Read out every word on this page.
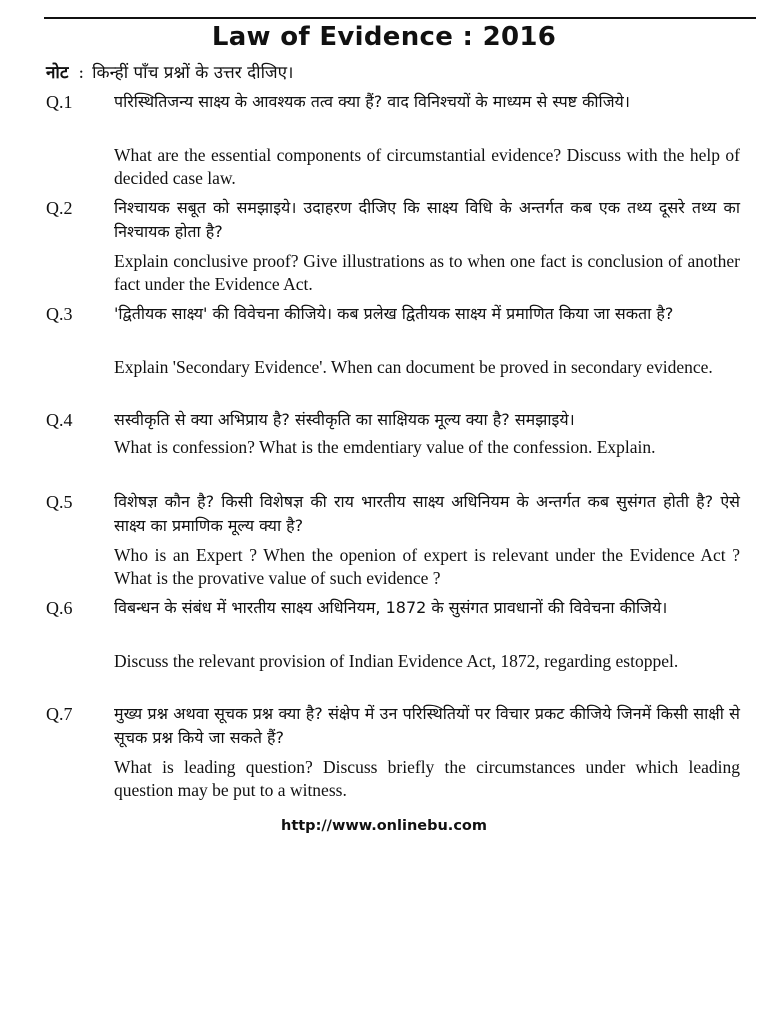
Law of Evidence : 2016
नोट : किन्हीं पाँच प्रश्नों के उत्तर दीजिए।
Q.1	परिस्थितिजन्य साक्ष्य के आवश्यक तत्व क्या हैं? वाद विनिश्चयों के माध्यम से स्पष्ट कीजिये।
What are the essential components of circumstantial evidence? Discuss with the help of decided case law.
Q.2	निश्चायक सबूत को समझाइये। उदाहरण दीजिए कि साक्ष्य विधि के अन्तर्गत कब एक तथ्य दूसरे तथ्य का निश्चायक होता है?
Explain conclusive proof? Give illustrations as to when one fact is conclusion of another fact under the Evidence Act.
Q.3	'द्वितीयक साक्ष्य' की विवेचना कीजिये। कब प्रलेख द्वितीयक साक्ष्य में प्रमाणित किया जा सकता है?
Explain 'Secondary Evidence'. When can document be proved in secondary evidence.
Q.4	सस्वीकृति से क्या अभिप्राय है? संस्वीकृति का साक्षियक मूल्य क्या है? समझाइये।
What is confession? What is the emdentiary value of the confession. Explain.
Q.5	विशेषज्ञ कौन है? किसी विशेषज्ञ की राय भारतीय साक्ष्य अधिनियम के अन्तर्गत कब सुसंगत होती है? ऐसे साक्ष्य का प्रमाणिक मूल्य क्या है?
Who is an Expert ? When the openion of expert is relevant under the Evidence Act ? What is the provative value of such evidence ?
Q.6	विबन्धन के संबंध में भारतीय साक्ष्य अधिनियम, 1872 के सुसंगत प्रावधानों की विवेचना कीजिये।
Discuss the relevant provision of Indian Evidence Act, 1872, regarding estoppel.
Q.7	मुख्य प्रश्न अथवा सूचक प्रश्न क्या है? संक्षेप में उन परिस्थितियों पर विचार प्रकट कीजिये जिनमें किसी साक्षी से सूचक प्रश्न किये जा सकते हैं?
What is leading question? Discuss briefly the circumstances under which leading question may be put to a witness.
http://www.onlinebu.com
